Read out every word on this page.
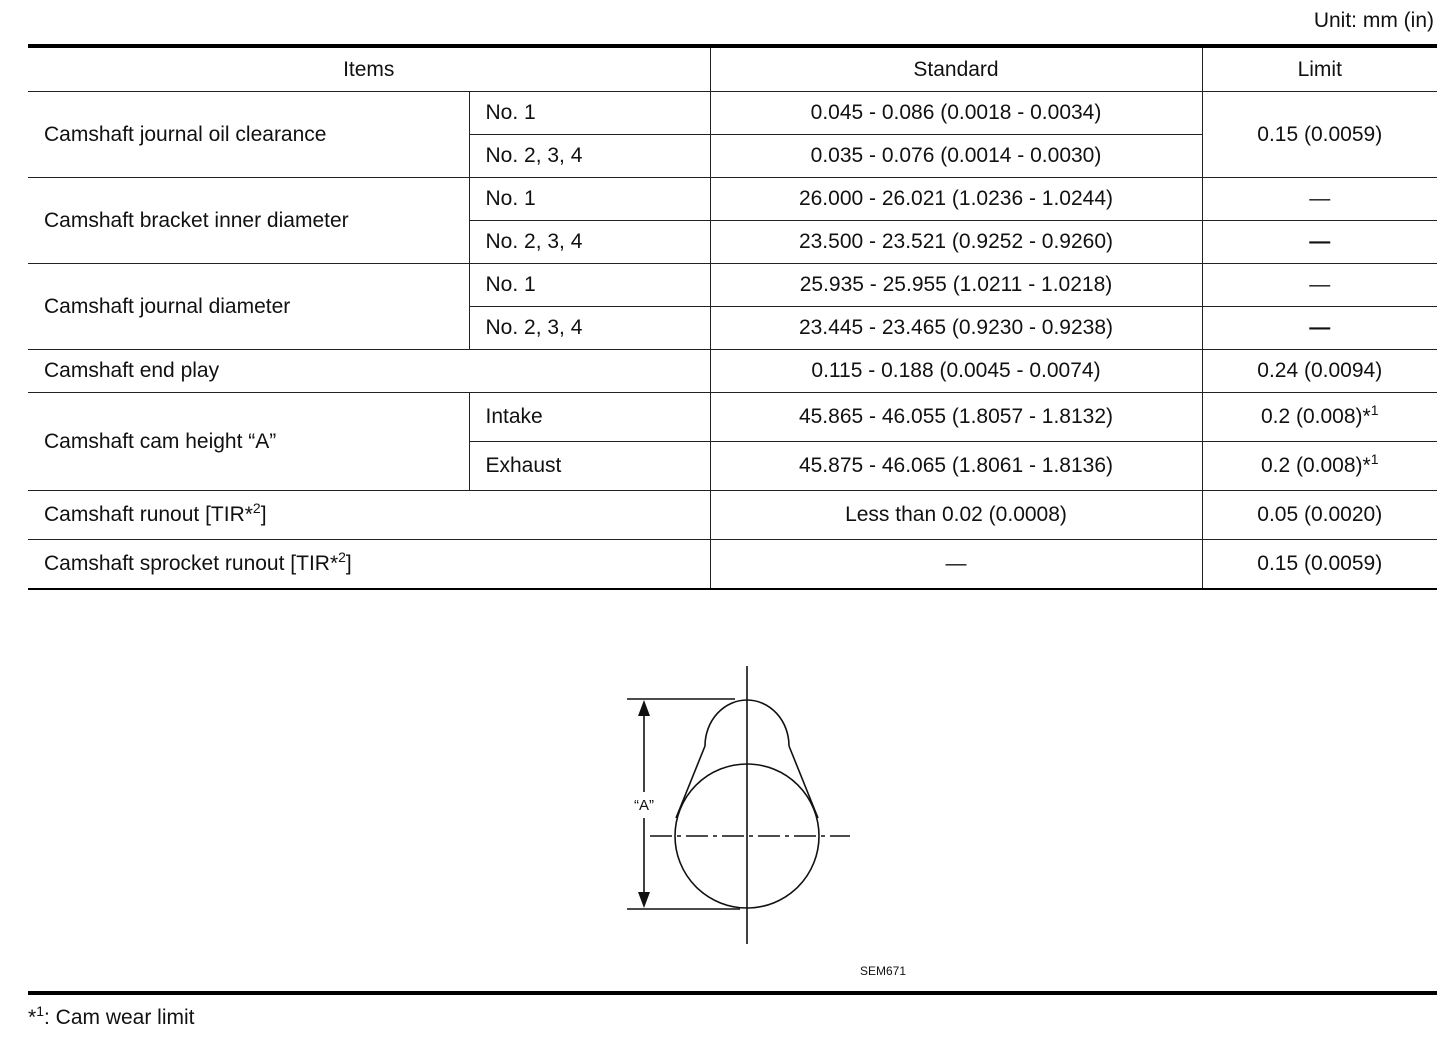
Unit: mm (in)
Items		Standard	Limit
Camshaft journal oil clearance	No. 1	0.045 - 0.086 (0.0018 - 0.0034)	0.15 (0.0059)
	No. 2, 3, 4	0.035 - 0.076 (0.0014 - 0.0030)	
Camshaft bracket inner diameter	No. 1	26.000 - 26.021 (1.0236 - 1.0244)	—
	No. 2, 3, 4	23.500 - 23.521 (0.9252 - 0.9260)	—
Camshaft journal diameter	No. 1	25.935 - 25.955 (1.0211 - 1.0218)	—
	No. 2, 3, 4	23.445 - 23.465 (0.9230 - 0.9238)	—
Camshaft end play		0.115 - 0.188 (0.0045 - 0.0074)	0.24 (0.0094)
Camshaft cam height “A”	Intake	45.865 - 46.055 (1.8057 - 1.8132)	0.2 (0.008)*$^1$
	Exhaust	45.875 - 46.065 (1.8061 - 1.8136)	0.2 (0.008)*$^1$
Camshaft runout [TIR*$^2$]		Less than 0.02 (0.0008)	0.05 (0.0020)
Camshaft sprocket runout [TIR*$^2$]		—	0.15 (0.0059)
“A”
SEM671
*$^1$: Cam wear limit
